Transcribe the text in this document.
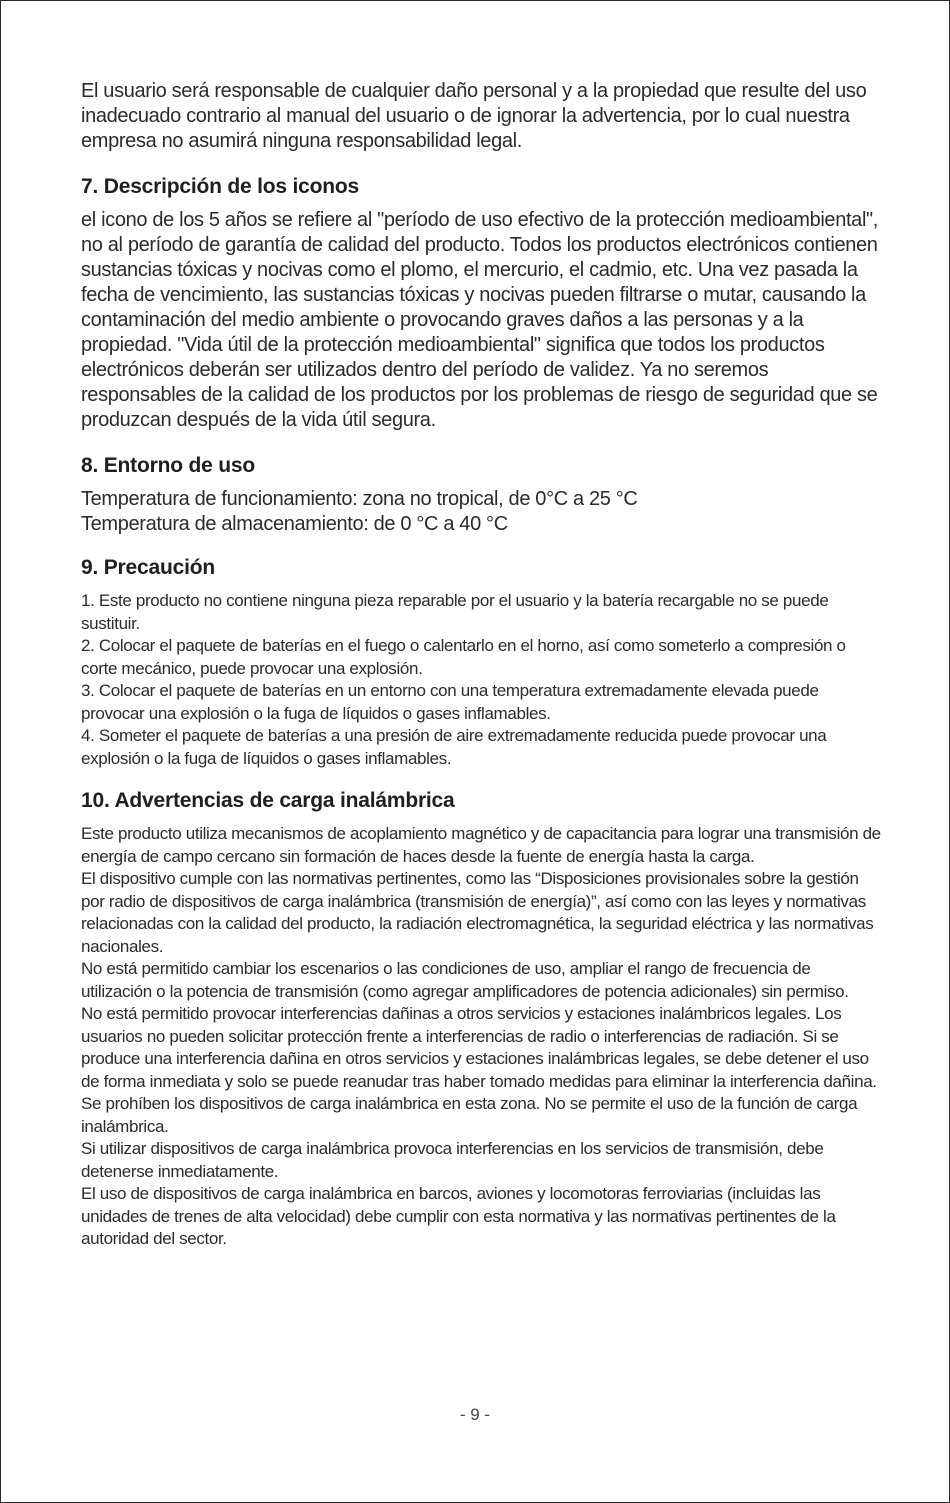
El usuario será responsable de cualquier daño personal y a la propiedad que resulte del uso inadecuado contrario al manual del usuario o de ignorar la advertencia, por lo cual nuestra empresa no asumirá ninguna responsabilidad legal.

7. Descripción de los iconos

el icono de los 5 años se refiere al "período de uso efectivo de la protección medioambiental", no al período de garantía de calidad del producto. Todos los productos electrónicos contienen sustancias tóxicas y nocivas como el plomo, el mercurio, el cadmio, etc. Una vez pasada la fecha de vencimiento, las sustancias tóxicas y nocivas pueden filtrarse o mutar, causando la contaminación del medio ambiente o provocando graves daños a las personas y a la propiedad. "Vida útil de la protección medioambiental" significa que todos los productos electrónicos deberán ser utilizados dentro del período de validez. Ya no seremos responsables de la calidad de los productos por los problemas de riesgo de seguridad que se produzcan después de la vida útil segura.

8. Entorno de uso

Temperatura de funcionamiento: zona no tropical, de 0°C a 25 °C
Temperatura de almacenamiento: de 0 °C a 40 °C

9. Precaución
1. Este producto no contiene ninguna pieza reparable por el usuario y la batería recargable no se puede sustituir.
2. Colocar el paquete de baterías en el fuego o calentarlo en el horno, así como someterlo a compresión o corte mecánico, puede provocar una explosión.
3. Colocar el paquete de baterías en un entorno con una temperatura extremadamente elevada puede provocar una explosión o la fuga de líquidos o gases inflamables.
4. Someter el paquete de baterías a una presión de aire extremadamente reducida puede provocar una explosión o la fuga de líquidos o gases inflamables.
10. Advertencias de carga inalámbrica
Este producto utiliza mecanismos de acoplamiento magnético y de capacitancia para lograr una transmisión de energía de campo cercano sin formación de haces desde la fuente de energía hasta la carga.
El dispositivo cumple con las normativas pertinentes, como las “Disposiciones provisionales sobre la gestión por radio de dispositivos de carga inalámbrica (transmisión de energía)”, así como con las leyes y normativas relacionadas con la calidad del producto, la radiación electromagnética, la seguridad eléctrica y las normativas nacionales.
No está permitido cambiar los escenarios o las condiciones de uso, ampliar el rango de frecuencia de utilización o la potencia de transmisión (como agregar amplificadores de potencia adicionales) sin permiso.
No está permitido provocar interferencias dañinas a otros servicios y estaciones inalámbricos legales. Los usuarios no pueden solicitar protección frente a interferencias de radio o interferencias de radiación. Si se produce una interferencia dañina en otros servicios y estaciones inalámbricas legales, se debe detener el uso de forma inmediata y solo se puede reanudar tras haber tomado medidas para eliminar la interferencia dañina.
Se prohíben los dispositivos de carga inalámbrica en esta zona. No se permite el uso de la función de carga inalámbrica.
Si utilizar dispositivos de carga inalámbrica provoca interferencias en los servicios de transmisión, debe detenerse inmediatamente.
El uso de dispositivos de carga inalámbrica en barcos, aviones y locomotoras ferroviarias (incluidas las unidades de trenes de alta velocidad) debe cumplir con esta normativa y las normativas pertinentes de la autoridad del sector.
- 9 -
